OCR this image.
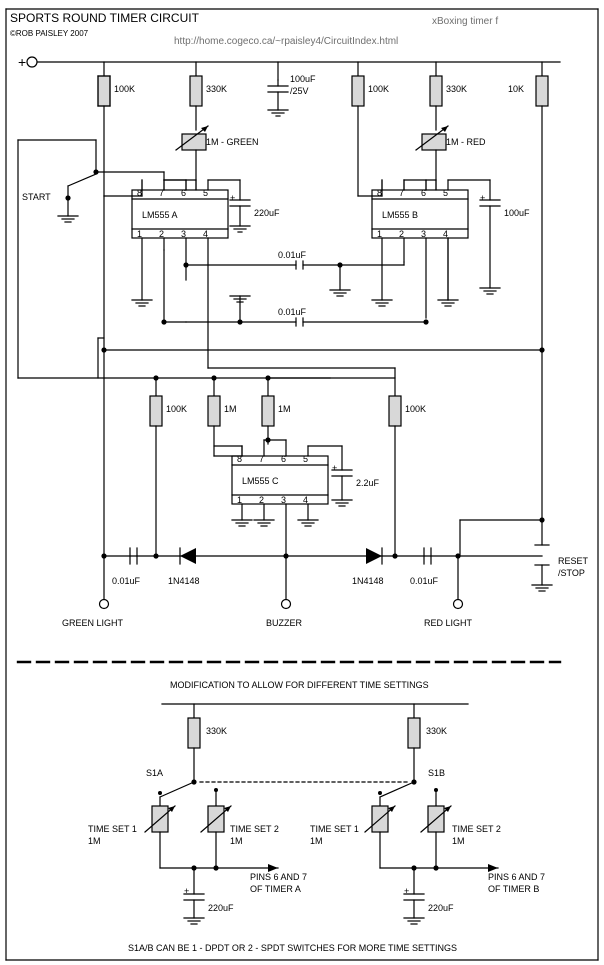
SPORTS ROUND TIMER CIRCUIT
©ROB PAISLEY 2007
xBoxing timer f
http://home.cogeco.ca/~rpaisley4/CircuitIndex.html
+
100K	330K	100K	330K	10K
100uF
/25V
1M - GREEN	1M - RED
8 7 6 5
LM555 A
1 2 3 4
220uF
+	8 7 6 5
LM555 B
1 2 3 4
100uF
+
START
0.01uF
0.01uF
100K	1M	1M	100K
8 7 6 5
LM555 C
1 2 3 4
2.2uF
+
0.01uF	1N4148	1N4148	0.01uF
RESET
/STOP
GREEN LIGHT	BUZZER	RED LIGHT
MODIFICATION TO ALLOW FOR DIFFERENT TIME SETTINGS
330K	330K
S1A	S1B
TIME SET 1
1M
TIME SET 2
1M
TIME SET 1
1M
TIME SET 2
1M
220uF
+
220uF
+
PINS 6 AND 7
OF TIMER A
PINS 6 AND 7
OF TIMER B
S1A/B CAN BE 1 - DPDT OR 2 - SPDT SWITCHES FOR MORE TIME SETTINGS
